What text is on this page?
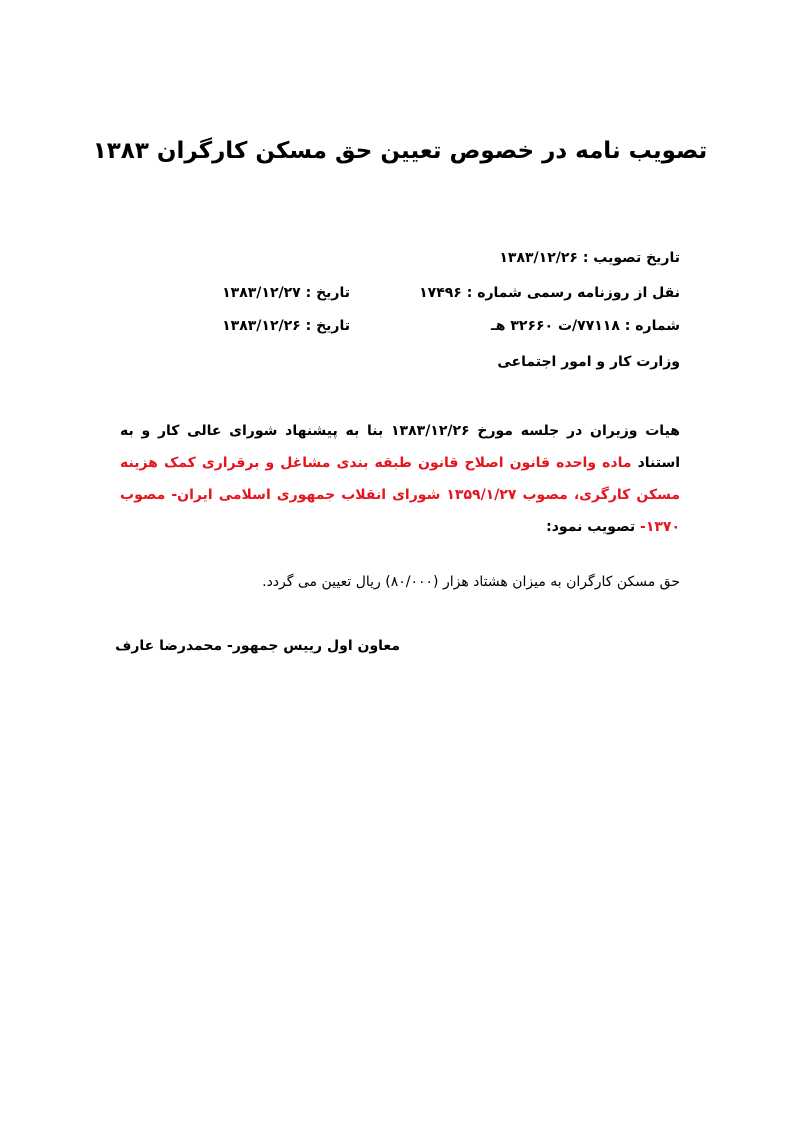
تصویب نامه در خصوص تعیین حق مسکن کارگران ۱۳۸۳
تاریخ تصویب : ۱۳۸۳/۱۲/۲۶
نقل از روزنامه رسمی شماره : ۱۷۴۹۶
تاریخ : ۱۳۸۳/۱۲/۲۷
شماره : ۷۷۱۱۸/ت ۳۲۶۶۰ هـ
تاریخ : ۱۳۸۳/۱۲/۲۶
وزارت کار و امور اجتماعی
هیات وزیران در جلسه مورخ ۱۳۸۳/۱۲/۲۶ بنا به پیشنهاد شورای عالی کار و به استناد ماده واحده قانون اصلاح قانون طبقه بندی مشاغل و برقراری کمک هزینه مسکن کارگری، مصوب ۱۳۵۹/۱/۲۷ شورای انقلاب جمهوری اسلامی ایران- مصوب ۱۳۷۰- تصویب نمود:
حق مسکن کارگران به میزان هشتاد هزار (۸۰/۰۰۰) ریال تعیین می گردد.
معاون اول رییس جمهور- محمدرضا عارف
